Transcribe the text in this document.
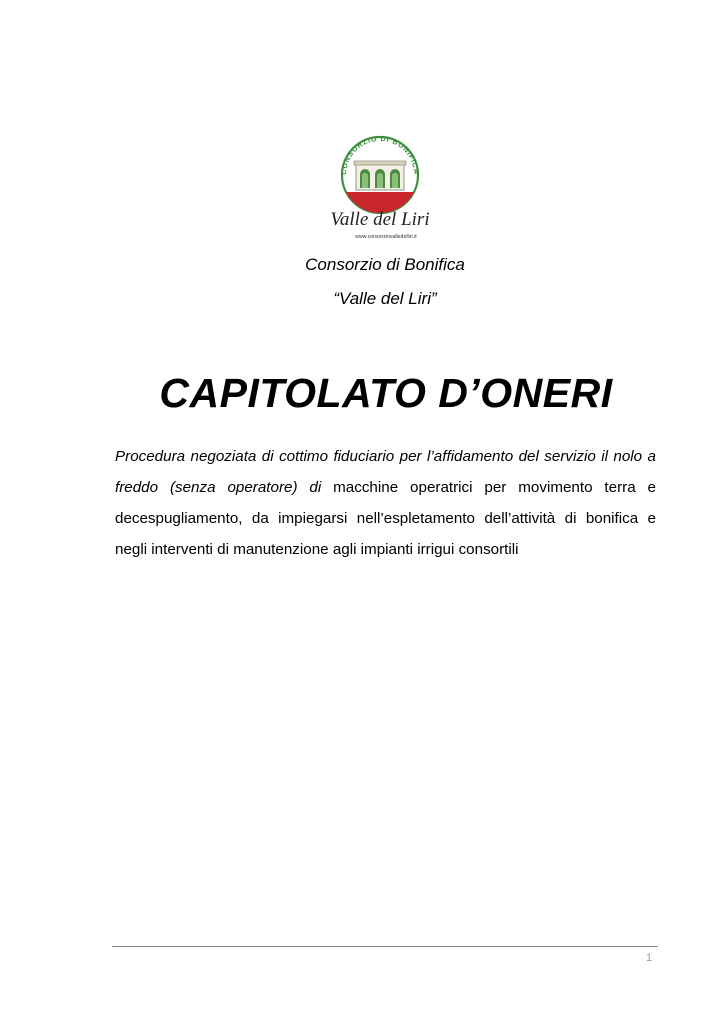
CONSORZIO DI BONIFICA
Valle del Liri
www.consorziovalledelliri.it
Consorzio di Bonifica
“Valle del Liri”
CAPITOLATO D’ONERI
Procedura negoziata di cottimo fiduciario per l’affidamento del servizio il nolo a freddo (senza operatore) di macchine operatrici per movimento terra e decespugliamento, da impiegarsi nell’espletamento dell’attività di bonifica e negli interventi di manutenzione agli impianti irrigui consortili
1
